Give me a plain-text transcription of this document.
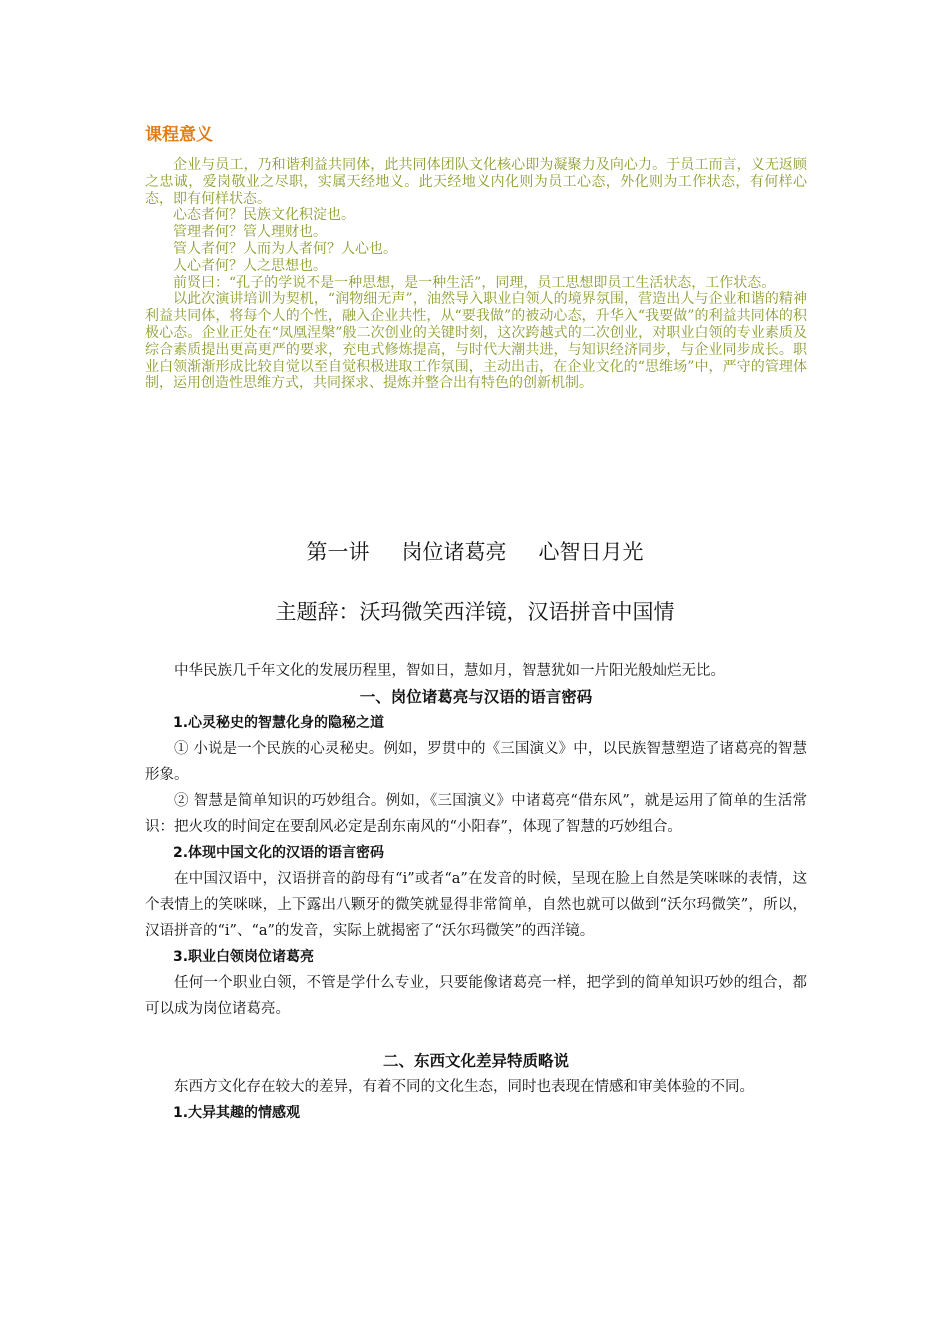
课程意义

企业与员工，乃和谐利益共同体，此共同体团队文化核心即为凝聚力及向心力。于员工而言，义无返顾之忠诚，爱岗敬业之尽职，实属天经地义。此天经地义内化则为员工心态，外化则为工作状态，有何样心态，即有何样状态。

心态者何？民族文化积淀也。

管理者何？管人理财也。

管人者何？人而为人者何？人心也。

人心者何？人之思想也。

前贤曰：“孔子的学说不是一种思想，是一种生活”，同理，员工思想即员工生活状态，工作状态。

以此次演讲培训为契机，“润物细无声”，油然导入职业白领人的境界氛围，营造出人与企业和谐的精神利益共同体，将每个人的个性，融入企业共性，从“要我做”的被动心态，升华入“我要做”的利益共同体的积极心态。企业正处在“凤凰涅槃”般二次创业的关键时刻，这次跨越式的二次创业，对职业白领的专业素质及综合素质提出更高更严的要求，充电式修炼提高，与时代大潮共进，与知识经济同步，与企业同步成长。职业白领渐渐形成比较自觉以至自觉积极进取工作氛围，主动出击，在企业文化的“思维场”中，严守的管理体制，运用创造性思维方式，共同探求、提炼并整合出有特色的创新机制。

第一讲 岗位诸葛亮 心智日月光
主题辞：沃玛微笑西洋镜，汉语拼音中国情

中华民族几千年文化的发展历程里，智如日，慧如月，智慧犹如一片阳光般灿烂无比。

一、岗位诸葛亮与汉语的语言密码

1.心灵秘史的智慧化身的隐秘之道

① 小说是一个民族的心灵秘史。例如，罗贯中的《三国演义》中，以民族智慧塑造了诸葛亮的智慧形象。

② 智慧是简单知识的巧妙组合。例如，《三国演义》中诸葛亮“借东风”，就是运用了简单的生活常识：把火攻的时间定在要刮风必定是刮东南风的“小阳春”，体现了智慧的巧妙组合。

2.体现中国文化的汉语的语言密码

在中国汉语中，汉语拼音的韵母有“i”或者“a”在发音的时候，呈现在脸上自然是笑咪咪的表情，这个表情上的笑咪咪，上下露出八颗牙的微笑就显得非常简单，自然也就可以做到“沃尔玛微笑”，所以，汉语拼音的“i”、“a”的发音，实际上就揭密了“沃尔玛微笑”的西洋镜。

3.职业白领岗位诸葛亮

任何一个职业白领，不管是学什么专业，只要能像诸葛亮一样，把学到的简单知识巧妙的组合，都可以成为岗位诸葛亮。

二、东西文化差异特质略说

东西方文化存在较大的差异，有着不同的文化生态，同时也表现在情感和审美体验的不同。

1.大异其趣的情感观
